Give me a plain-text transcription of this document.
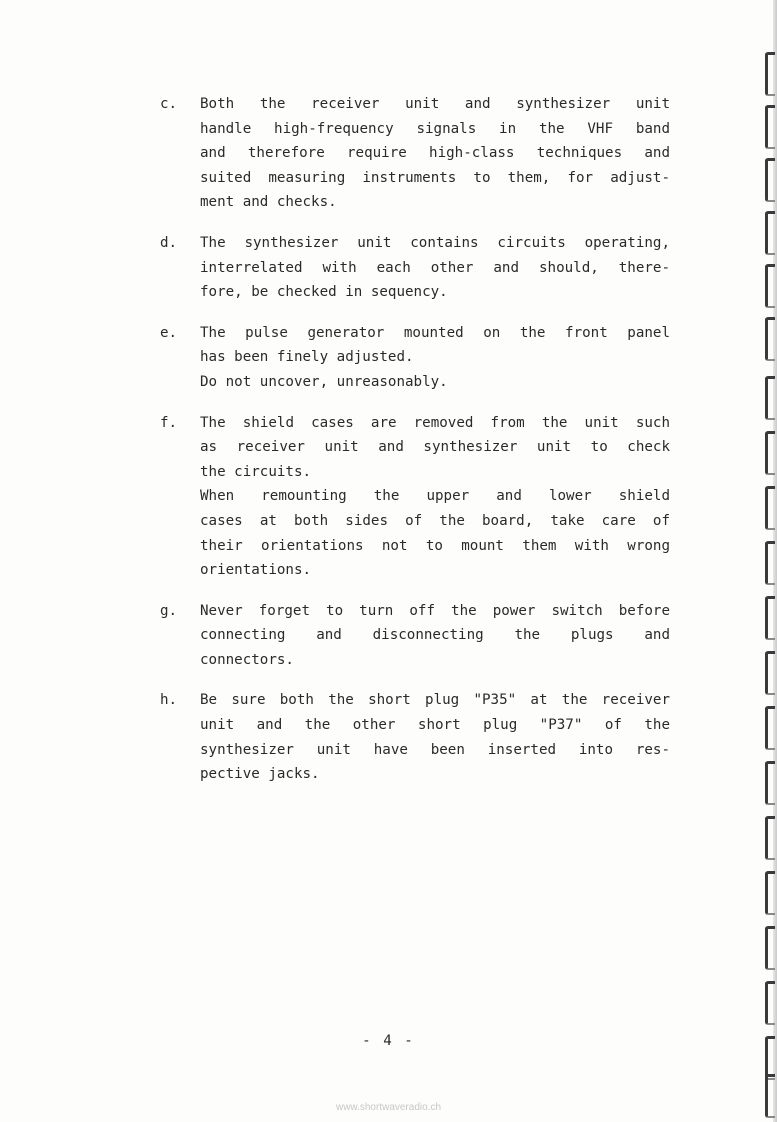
c.	Both the receiver unit and synthesizer unit
handle high-frequency signals in the VHF band
and therefore require high-class techniques and
suited measuring instruments to them, for adjust-
ment and checks.
d.	The synthesizer unit contains circuits operating,
interrelated with each other and should, there-
fore, be checked in sequency.
e.	The pulse generator mounted on the front panel
has been finely adjusted.
Do not uncover, unreasonably.
f.	The shield cases are removed from the unit such
as receiver unit and synthesizer unit to check
the circuits.
When remounting the upper and lower shield
cases at both sides of the board, take care of
their orientations not to mount them with wrong
orientations.
g.	Never forget to turn off the power switch before
connecting and disconnecting the plugs and
connectors.
h.	Be sure both the short plug "P35" at the receiver
unit and the other short plug "P37" of the
synthesizer unit have been inserted into res-
pective jacks.
- 4 -
www.shortwaveradio.ch
